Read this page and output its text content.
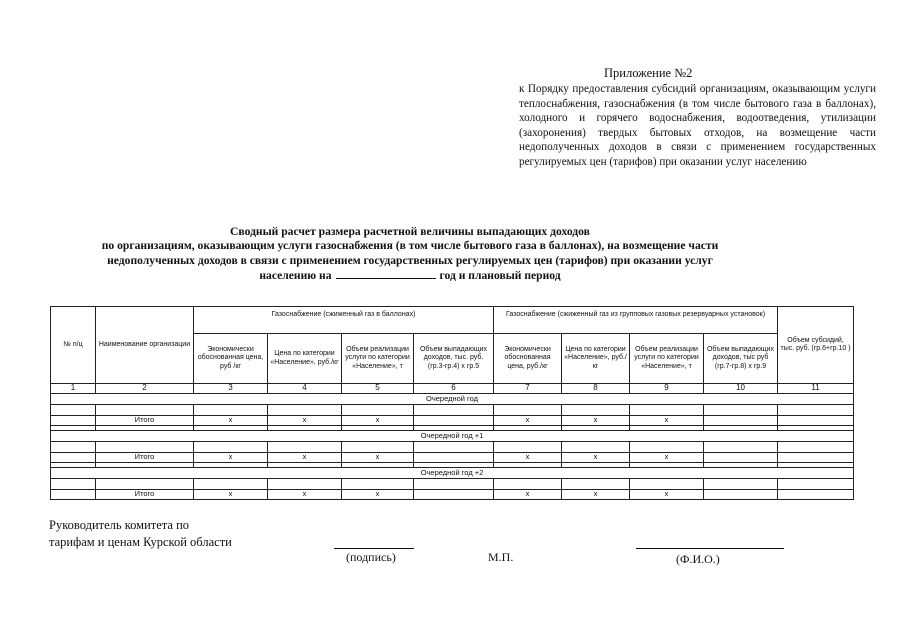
Приложение №2
к Порядку предоставления субсидий организациям, оказывающим услуги теплоснабжения, газоснабжения (в том числе бытового газа в баллонах), холодного и горячего водоснабжения, водоотведения, утилизации (захоронения) твердых бытовых отходов, на возмещение части недополученных доходов в связи с применением государственных регулируемых цен (тарифов) при оказании услуг населению
Сводный расчет размера расчетной величины выпадающих доходов
по организациям, оказывающим услуги газоснабжения (в том числе бытового газа в баллонах), на возмещение части
недополученных доходов в связи с применением государственных регулируемых цен (тарифов) при оказании услуг
населению на	год и плановый период
№ п/ц	Наименование организации	Газоснабжение (сжиженный газ в баллонах)				Газоснабжение (сжиженный газ из групповых газовых резервуарных установок)				Объем субсидий, тыс. руб. (гр.6+гр.10 )
		Экономически обоснованная цена, руб /кг	Цена по категории «Население», руб./кг	Объем реализации услуги по категории «Население», т	Объем выпадающих доходов, тыс. руб. (гр.3-гр.4) х гр.5	Экономически обоснованная цена, руб./кг	Цена по категории «Население», руб./кг	Объем реализации услуги по категории «Население», т	Объем выпадающих доходов, тыс руб (гр.7-гр.8) х гр.9	
1	2	3	4	5	6	7	8	9	10	11
Очередной год										

	Итого	x	x	x		x	x	x		

Очередной год +1										

	Итого	x	x	x		x	x	x		

Очередной год +2										

	Итого	x	x	x		x	x	x		
Руководитель комитета по
тарифам и ценам Курской области
(подпись)	М.П.	(Ф.И.О.)
